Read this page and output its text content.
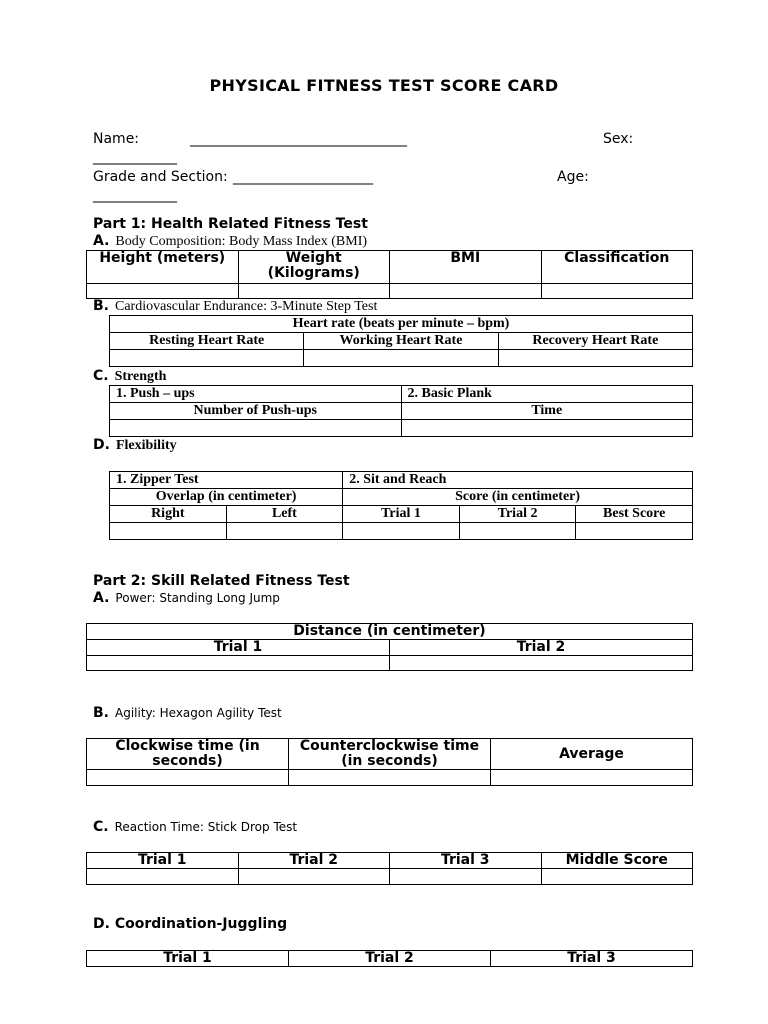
PHYSICAL FITNESS TEST SCORE CARD
Name:	_______________________________	Sex:
____________
Grade and Section: ____________________	Age:
____________
Part 1: Health Related Fitness Test
A. Body Composition: Body Mass Index (BMI)
Height (meters)	Weight (Kilograms)	BMI	Classification

B. Cardiovascular Endurance: 3-Minute Step Test
Heart rate (beats per minute – bpm)		
Resting Heart Rate	Working Heart Rate	Recovery Heart Rate

C. Strength
1. Push – ups	2. Basic Plank
Number of Push-ups	Time

D. Flexibility
1. Zipper Test		2. Sit and Reach		
Overlap (in centimeter)		Score (in centimeter)		
Right	Left	Trial 1	Trial 2	Best Score

Part 2: Skill Related Fitness Test
A. Power: Standing Long Jump
Distance (in centimeter)	
Trial 1	Trial 2

B. Agility: Hexagon Agility Test
Clockwise time (in seconds)	Counterclockwise time (in seconds)	Average

C. Reaction Time: Stick Drop Test
Trial 1	Trial 2	Trial 3	Middle Score

D. Coordination-Juggling
Trial 1	Trial 2	Trial 3
